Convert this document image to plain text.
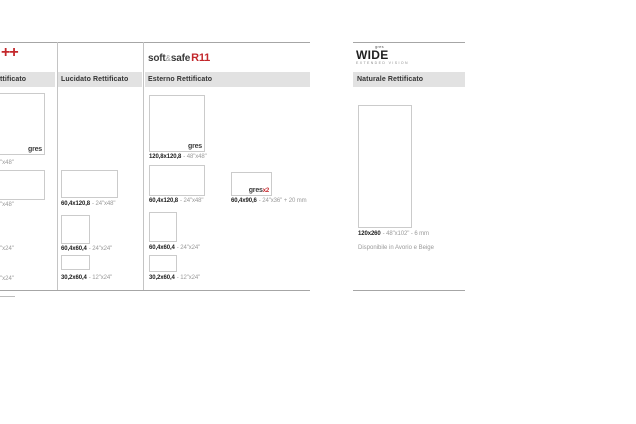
++
ttificato
gres
"x48"
"x48"
"x24"
"x24"
Lucidato Rettificato
60,4x120,8 - 24"x48"
60,4x60,4 - 24"x24"
30,2x60,4 - 12"x24"
soft&safeR11
Esterno Rettificato
gres
120,8x120,8 - 48"x48"
60,4x120,8 - 24"x48"
gresx2
60,4x90,6 - 24"x36" + 20 mm
60,4x60,4 - 24"x24"
30,2x60,4 - 12"x24"
gres
WIDE
EXTENDED VISION
Naturale Rettificato
120x260 - 48"x102" - 6 mm
Disponibile in Avorio e Beige
